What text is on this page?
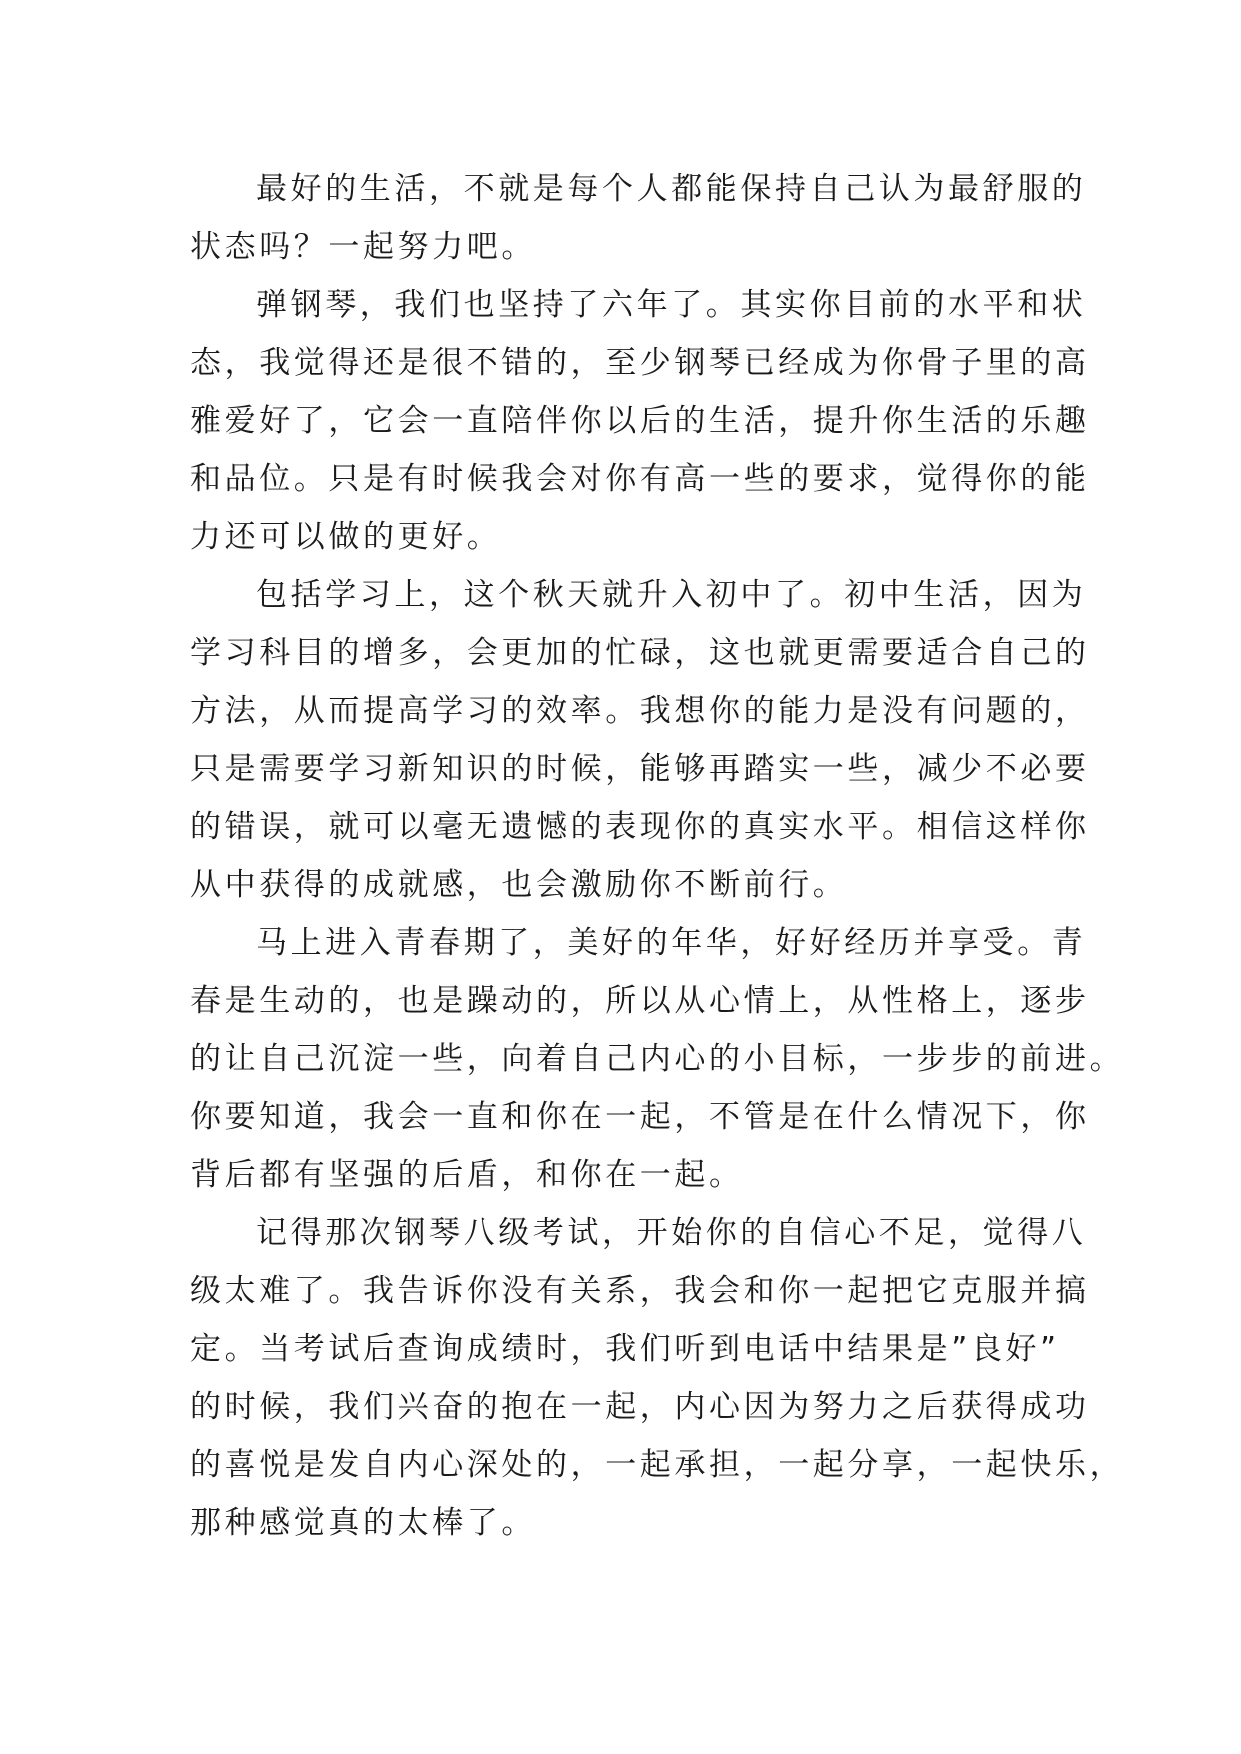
最好的生活，不就是每个人都能保持自己认为最舒服的
状态吗？一起努力吧。
弹钢琴，我们也坚持了六年了。其实你目前的水平和状
态，我觉得还是很不错的，至少钢琴已经成为你骨子里的高
雅爱好了，它会一直陪伴你以后的生活，提升你生活的乐趣
和品位。只是有时候我会对你有高一些的要求，觉得你的能
力还可以做的更好。
包括学习上，这个秋天就升入初中了。初中生活，因为
学习科目的增多，会更加的忙碌，这也就更需要适合自己的
方法，从而提高学习的效率。我想你的能力是没有问题的，
只是需要学习新知识的时候，能够再踏实一些，减少不必要
的错误，就可以毫无遗憾的表现你的真实水平。相信这样你
从中获得的成就感，也会激励你不断前行。
马上进入青春期了，美好的年华，好好经历并享受。青
春是生动的，也是躁动的，所以从心情上，从性格上，逐步
的让自己沉淀一些，向着自己内心的小目标，一步步的前进。
你要知道，我会一直和你在一起，不管是在什么情况下，你
背后都有坚强的后盾，和你在一起。
记得那次钢琴八级考试，开始你的自信心不足，觉得八
级太难了。我告诉你没有关系，我会和你一起把它克服并搞
定。当考试后查询成绩时，我们听到电话中结果是”良好”
的时候，我们兴奋的抱在一起，内心因为努力之后获得成功
的喜悦是发自内心深处的，一起承担，一起分享，一起快乐，
那种感觉真的太棒了。
